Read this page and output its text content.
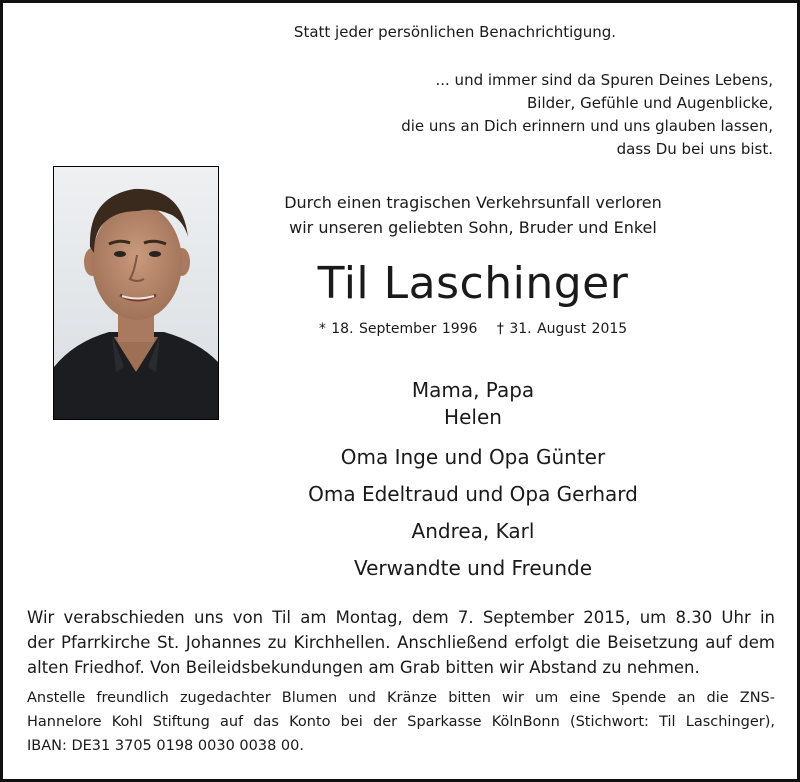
Statt jeder persönlichen Benachrichtigung.

... und immer sind da Spuren Deines Lebens,
Bilder, Gefühle und Augenblicke,
die uns an Dich erinnern und uns glauben lassen,
dass Du bei uns bist.

Durch einen tragischen Verkehrsunfall verloren
wir unseren geliebten Sohn, Bruder und Enkel

Til Laschinger

* 18. September 1996 † 31. August 2015

Mama, Papa
Helen
Oma Inge und Opa Günter
Oma Edeltraud und Opa Gerhard
Andrea, Karl
Verwandte und Freunde

Wir verabschieden uns von Til am Montag, dem 7. September 2015, um 8.30 Uhr in
der Pfarrkirche St. Johannes zu Kirchhellen. Anschließend erfolgt die Beisetzung auf dem
alten Friedhof. Von Beileidsbekundungen am Grab bitten wir Abstand zu nehmen.

Anstelle freundlich zugedachter Blumen und Kränze bitten wir um eine Spende an die ZNS-
Hannelore Kohl Stiftung auf das Konto bei der Sparkasse KölnBonn (Stichwort: Til Laschinger),
IBAN: DE31 3705 0198 0030 0038 00.
